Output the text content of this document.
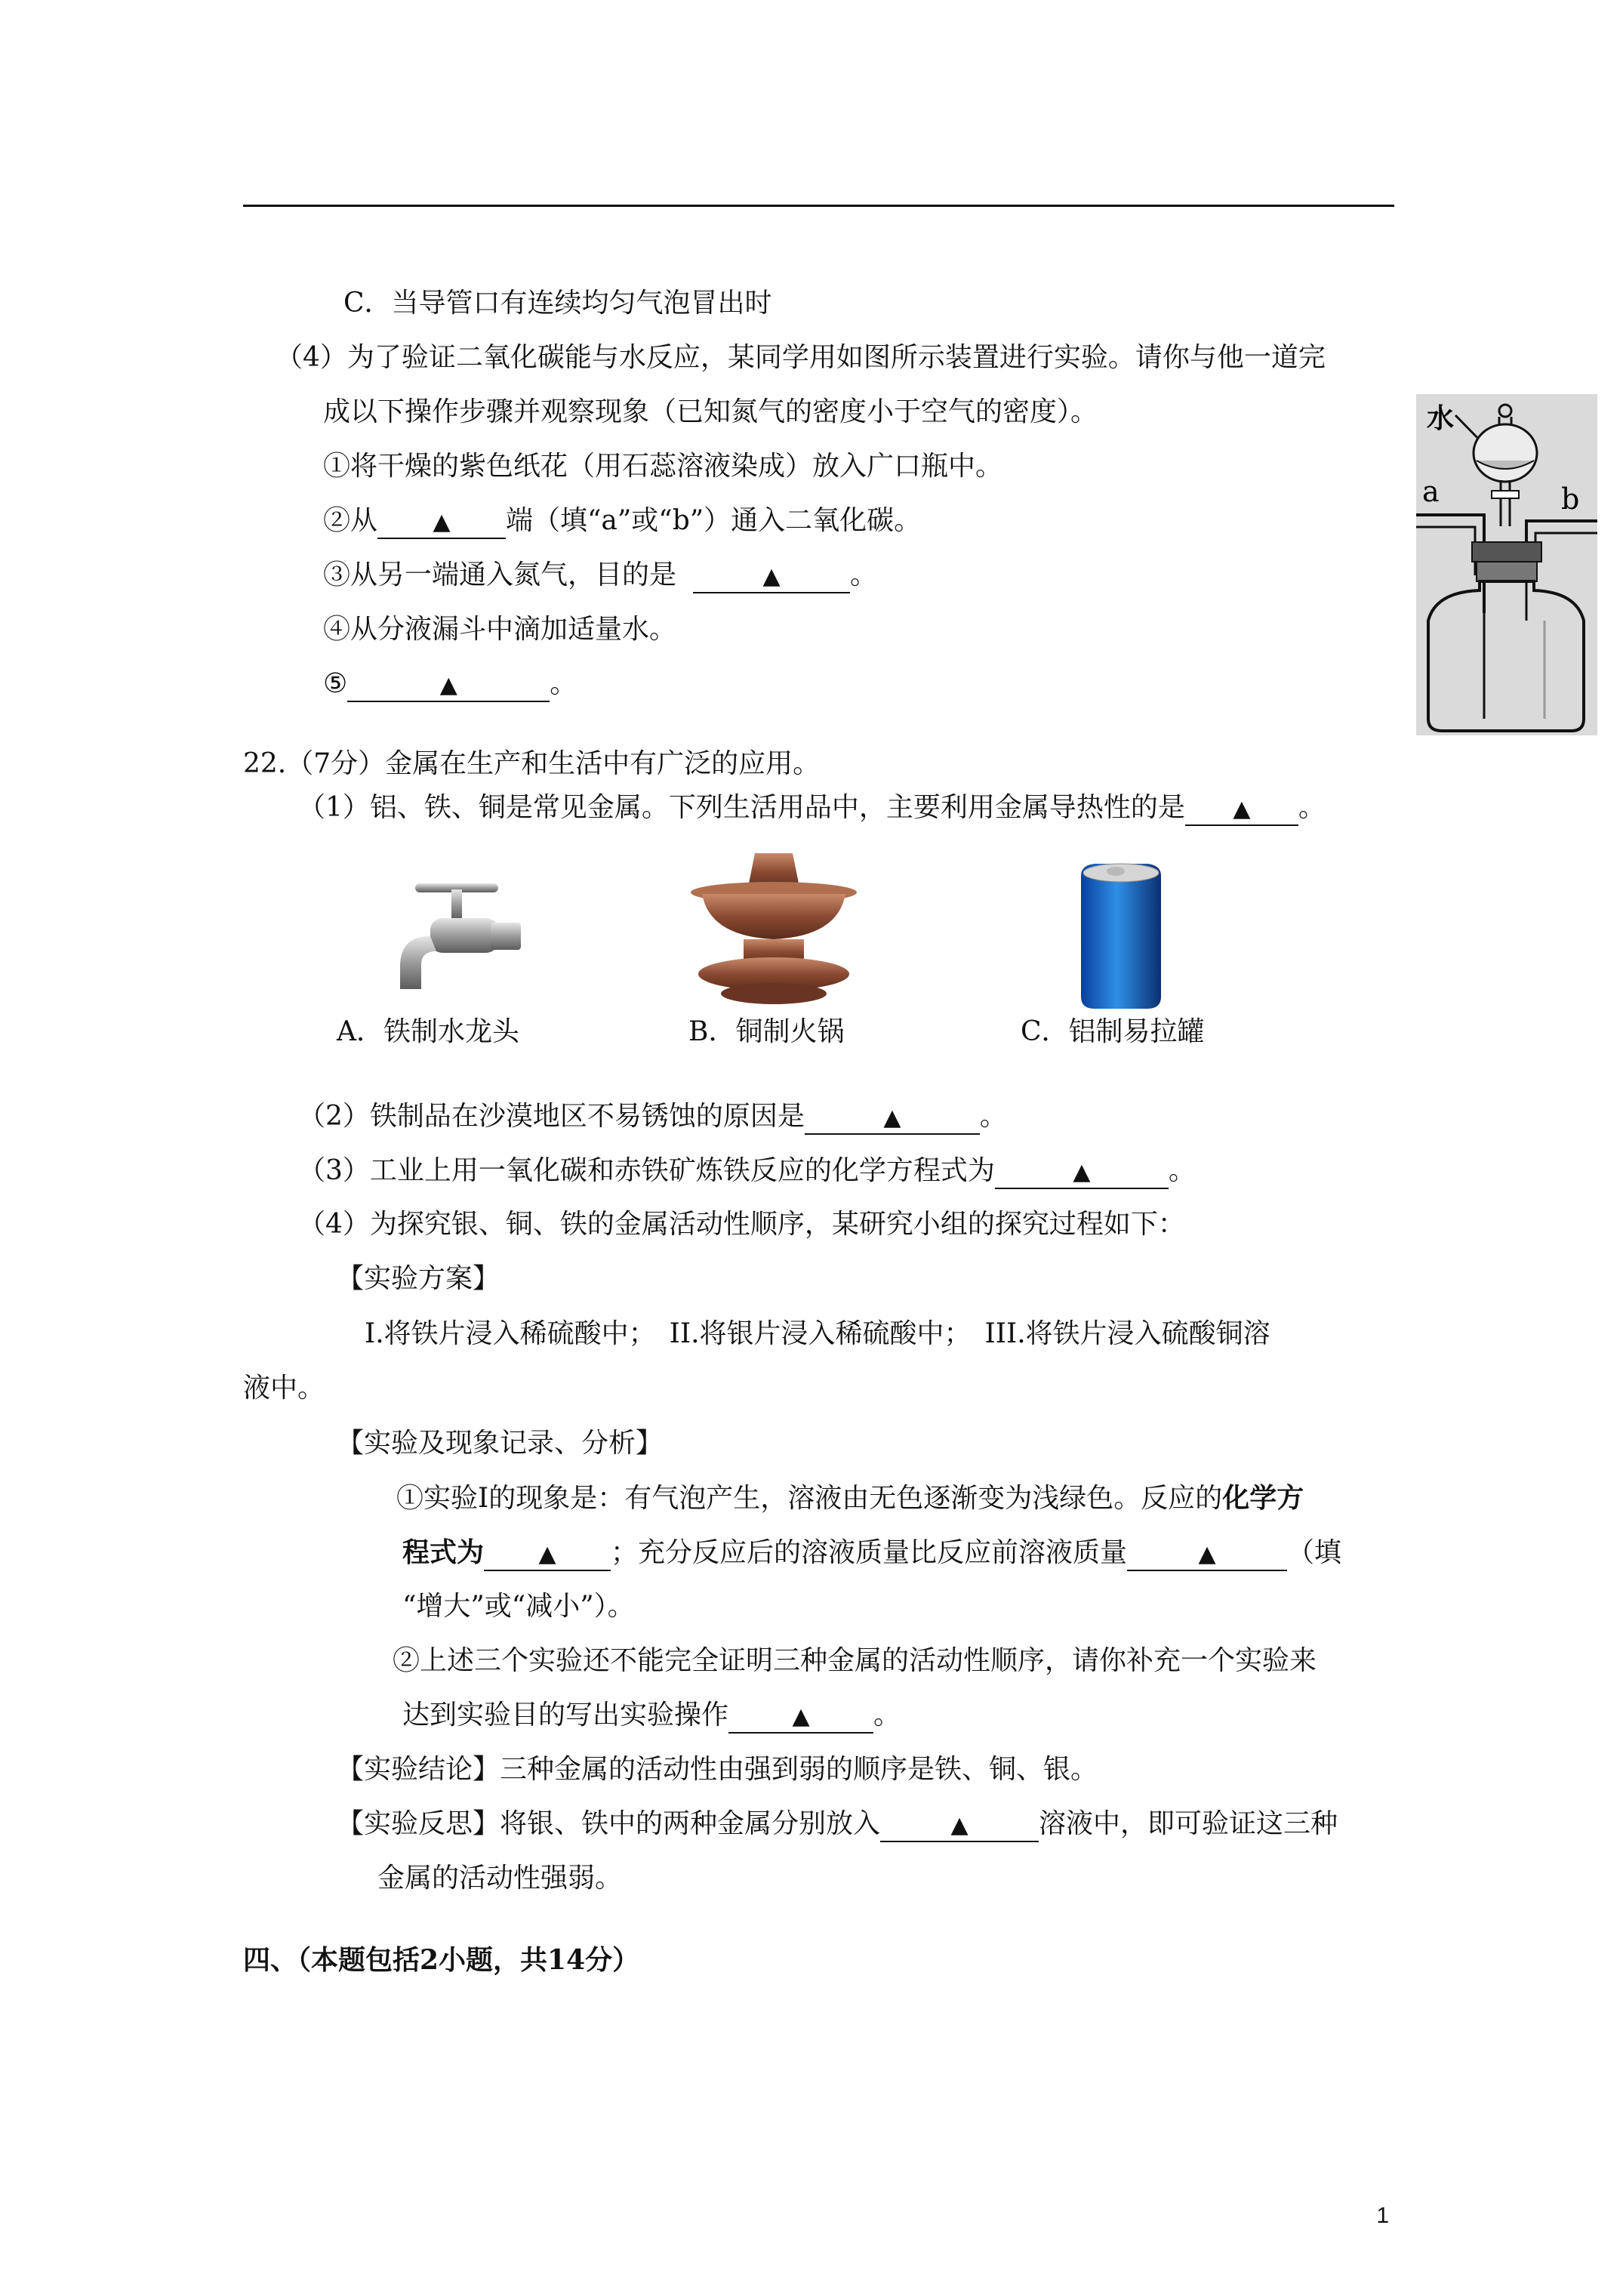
C．当导管口有连续均匀气泡冒出时
（4）为了验证二氧化碳能与水反应，某同学用如图所示装置进行实验。请你与他一道完
成以下操作步骤并观察现象（已知氮气的密度小于空气的密度）。
①将干燥的紫色纸花（用石蕊溶液染成）放入广口瓶中。
②从 ▲ 端（填“a”或“b”）通入二氧化碳。
③从另一端通入氮气，目的是	▲	。
④从分液漏斗中滴加适量水。
⑤	▲	。
水
a	b
22.（7分）金属在生产和生活中有广泛的应用。
（1）铝、铁、铜是常见金属。下列生活用品中，主要利用金属导热性的是 ▲ 。
A．铁制水龙头	B．铜制火锅	C．铝制易拉罐
（2）铁制品在沙漠地区不易锈蚀的原因是	▲	。
（3）工业上用一氧化碳和赤铁矿炼铁反应的化学方程式为	▲	。
（4）为探究银、铜、铁的金属活动性顺序，某研究小组的探究过程如下：
【实验方案】
I.将铁片浸入稀硫酸中；　II.将银片浸入稀硫酸中；　III.将铁片浸入硫酸铜溶
液中。
【实验及现象记录、分析】
①实验I的现象是：有气泡产生，溶液由无色逐渐变为浅绿色。反应的化学方
程式为 ▲ ；充分反应后的溶液质量比反应前溶液质量	▲	（填
“增大”或“减小”）。
②上述三个实验还不能完全证明三种金属的活动性顺序，请你补充一个实验来
达到实验目的写出实验操作	▲ 。
【实验结论】三种金属的活动性由强到弱的顺序是铁、铜、银。
【实验反思】将银、铁中的两种金属分别放入	▲	溶液中，即可验证这三种
金属的活动性强弱。
四、（本题包括2小题，共14分）
1
